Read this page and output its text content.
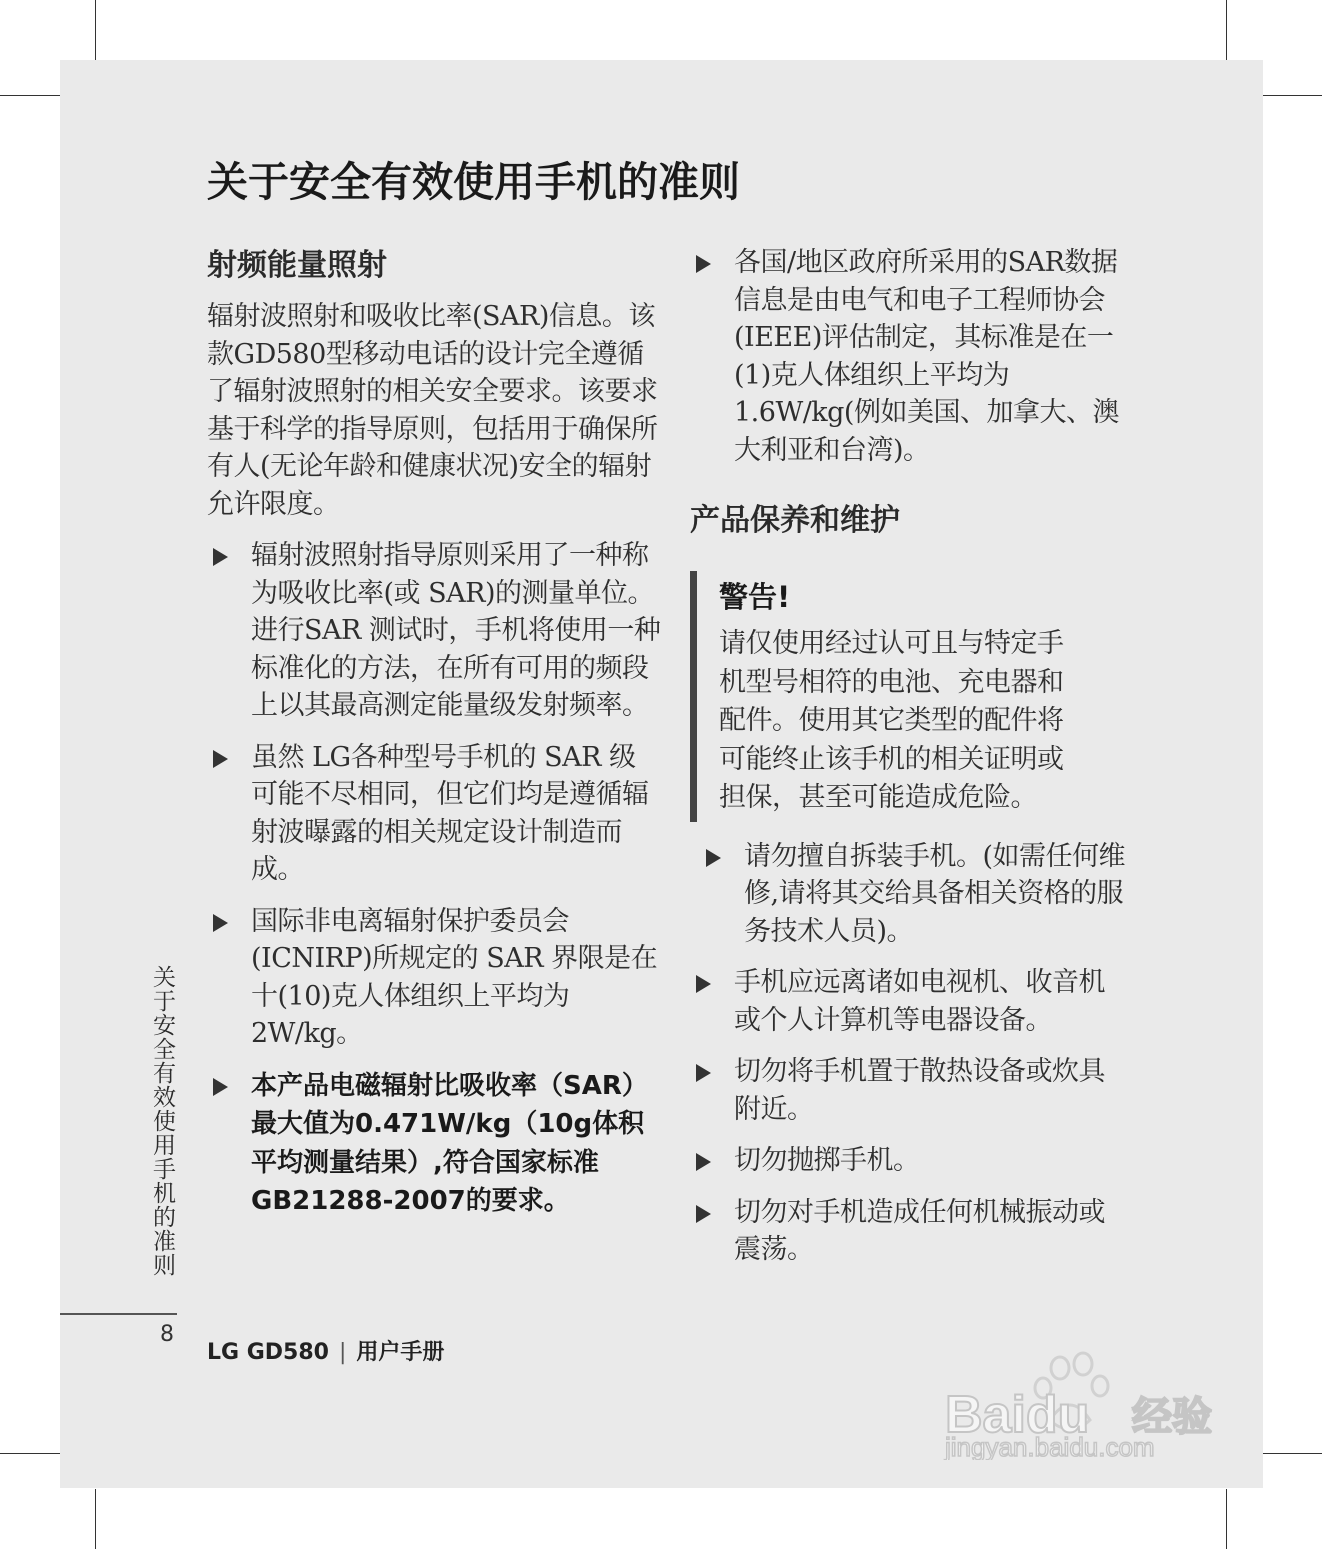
关于安全有效使用手机的准则
射频能量照射

辐射波照射和吸收比率(SAR)信息。该款GD580型移动电话的设计完全遵循了辐射波照射的相关安全要求。该要求基于科学的指导原则，包括用于确保所有人(无论年龄和健康状况)安全的辐射允许限度。

辐射波照射指导原则采用了一种称为吸收比率(或 SAR)的测量单位。进行SAR 测试时，手机将使用一种标准化的方法，在所有可用的频段上以其最高测定能量级发射频率。
虽然 LG各种型号手机的 SAR 级可能不尽相同，但它们均是遵循辐射波曝露的相关规定设计制造而成。
国际非电离辐射保护委员会(ICNIRP)所规定的 SAR 界限是在十(10)克人体组织上平均为2W/kg。
本产品电磁辐射比吸收率（SAR）最大值为0.471W/kg（10g体积平均测量结果）,符合国家标准GB21288-2007的要求。
各国/地区政府所采用的SAR数据信息是由电气和电子工程师协会(IEEE)评估制定，其标准是在一(1)克人体组织上平均为 1.6W/kg(例如美国、加拿大、澳大利亚和台湾)。
产品保养和维护
警告!
请仅使用经过认可且与特定手机型号相符的电池、充电器和配件。使用其它类型的配件将可能终止该手机的相关证明或担保，甚至可能造成危险。
请勿擅自拆装手机。(如需任何维修,请将其交给具备相关资格的服务技术人员)。
手机应远离诸如电视机、收音机或个人计算机等电器设备。
切勿将手机置于散热设备或炊具附近。
切勿抛掷手机。
切勿对手机造成任何机械振动或震荡。
关于安全有效使用手机的准则
8
LG GD580 | 用户手册
Baidu 经验
jingyan.baidu.com
